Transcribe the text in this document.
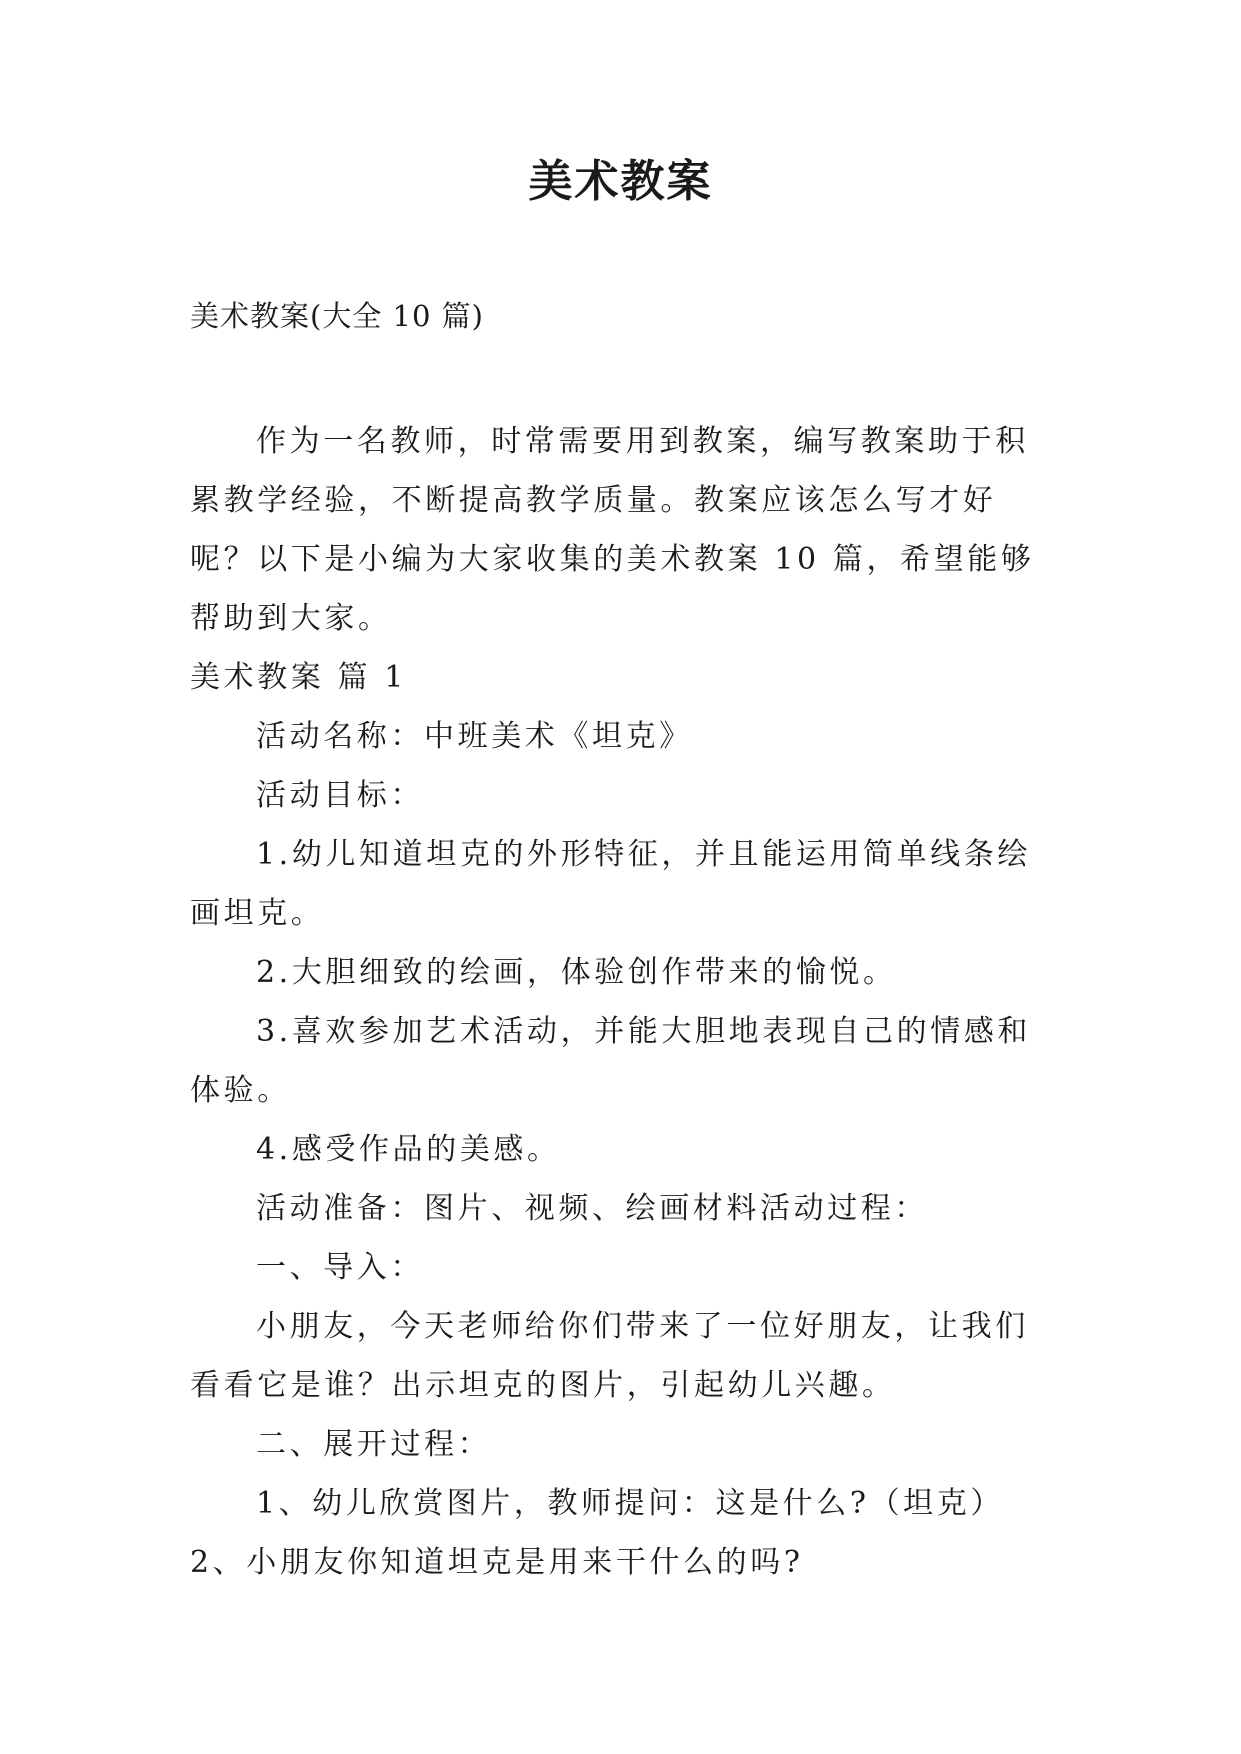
美术教案
美术教案(大全 10 篇)

作为一名教师，时常需要用到教案，编写教案助于积累教学经验，不断提高教学质量。教案应该怎么写才好呢？以下是小编为大家收集的美术教案 10 篇，希望能够帮助到大家。

美术教案 篇 1

活动名称：中班美术《坦克》

活动目标：

1.幼儿知道坦克的外形特征，并且能运用简单线条绘画坦克。

2.大胆细致的绘画，体验创作带来的愉悦。

3.喜欢参加艺术活动，并能大胆地表现自己的情感和体验。

4.感受作品的美感。

活动准备：图片、视频、绘画材料活动过程：

一、导入：

小朋友，今天老师给你们带来了一位好朋友，让我们看看它是谁？出示坦克的图片，引起幼儿兴趣。

二、展开过程：

1、幼儿欣赏图片，教师提问：这是什么?（坦克）2、小朋友你知道坦克是用来干什么的吗?
